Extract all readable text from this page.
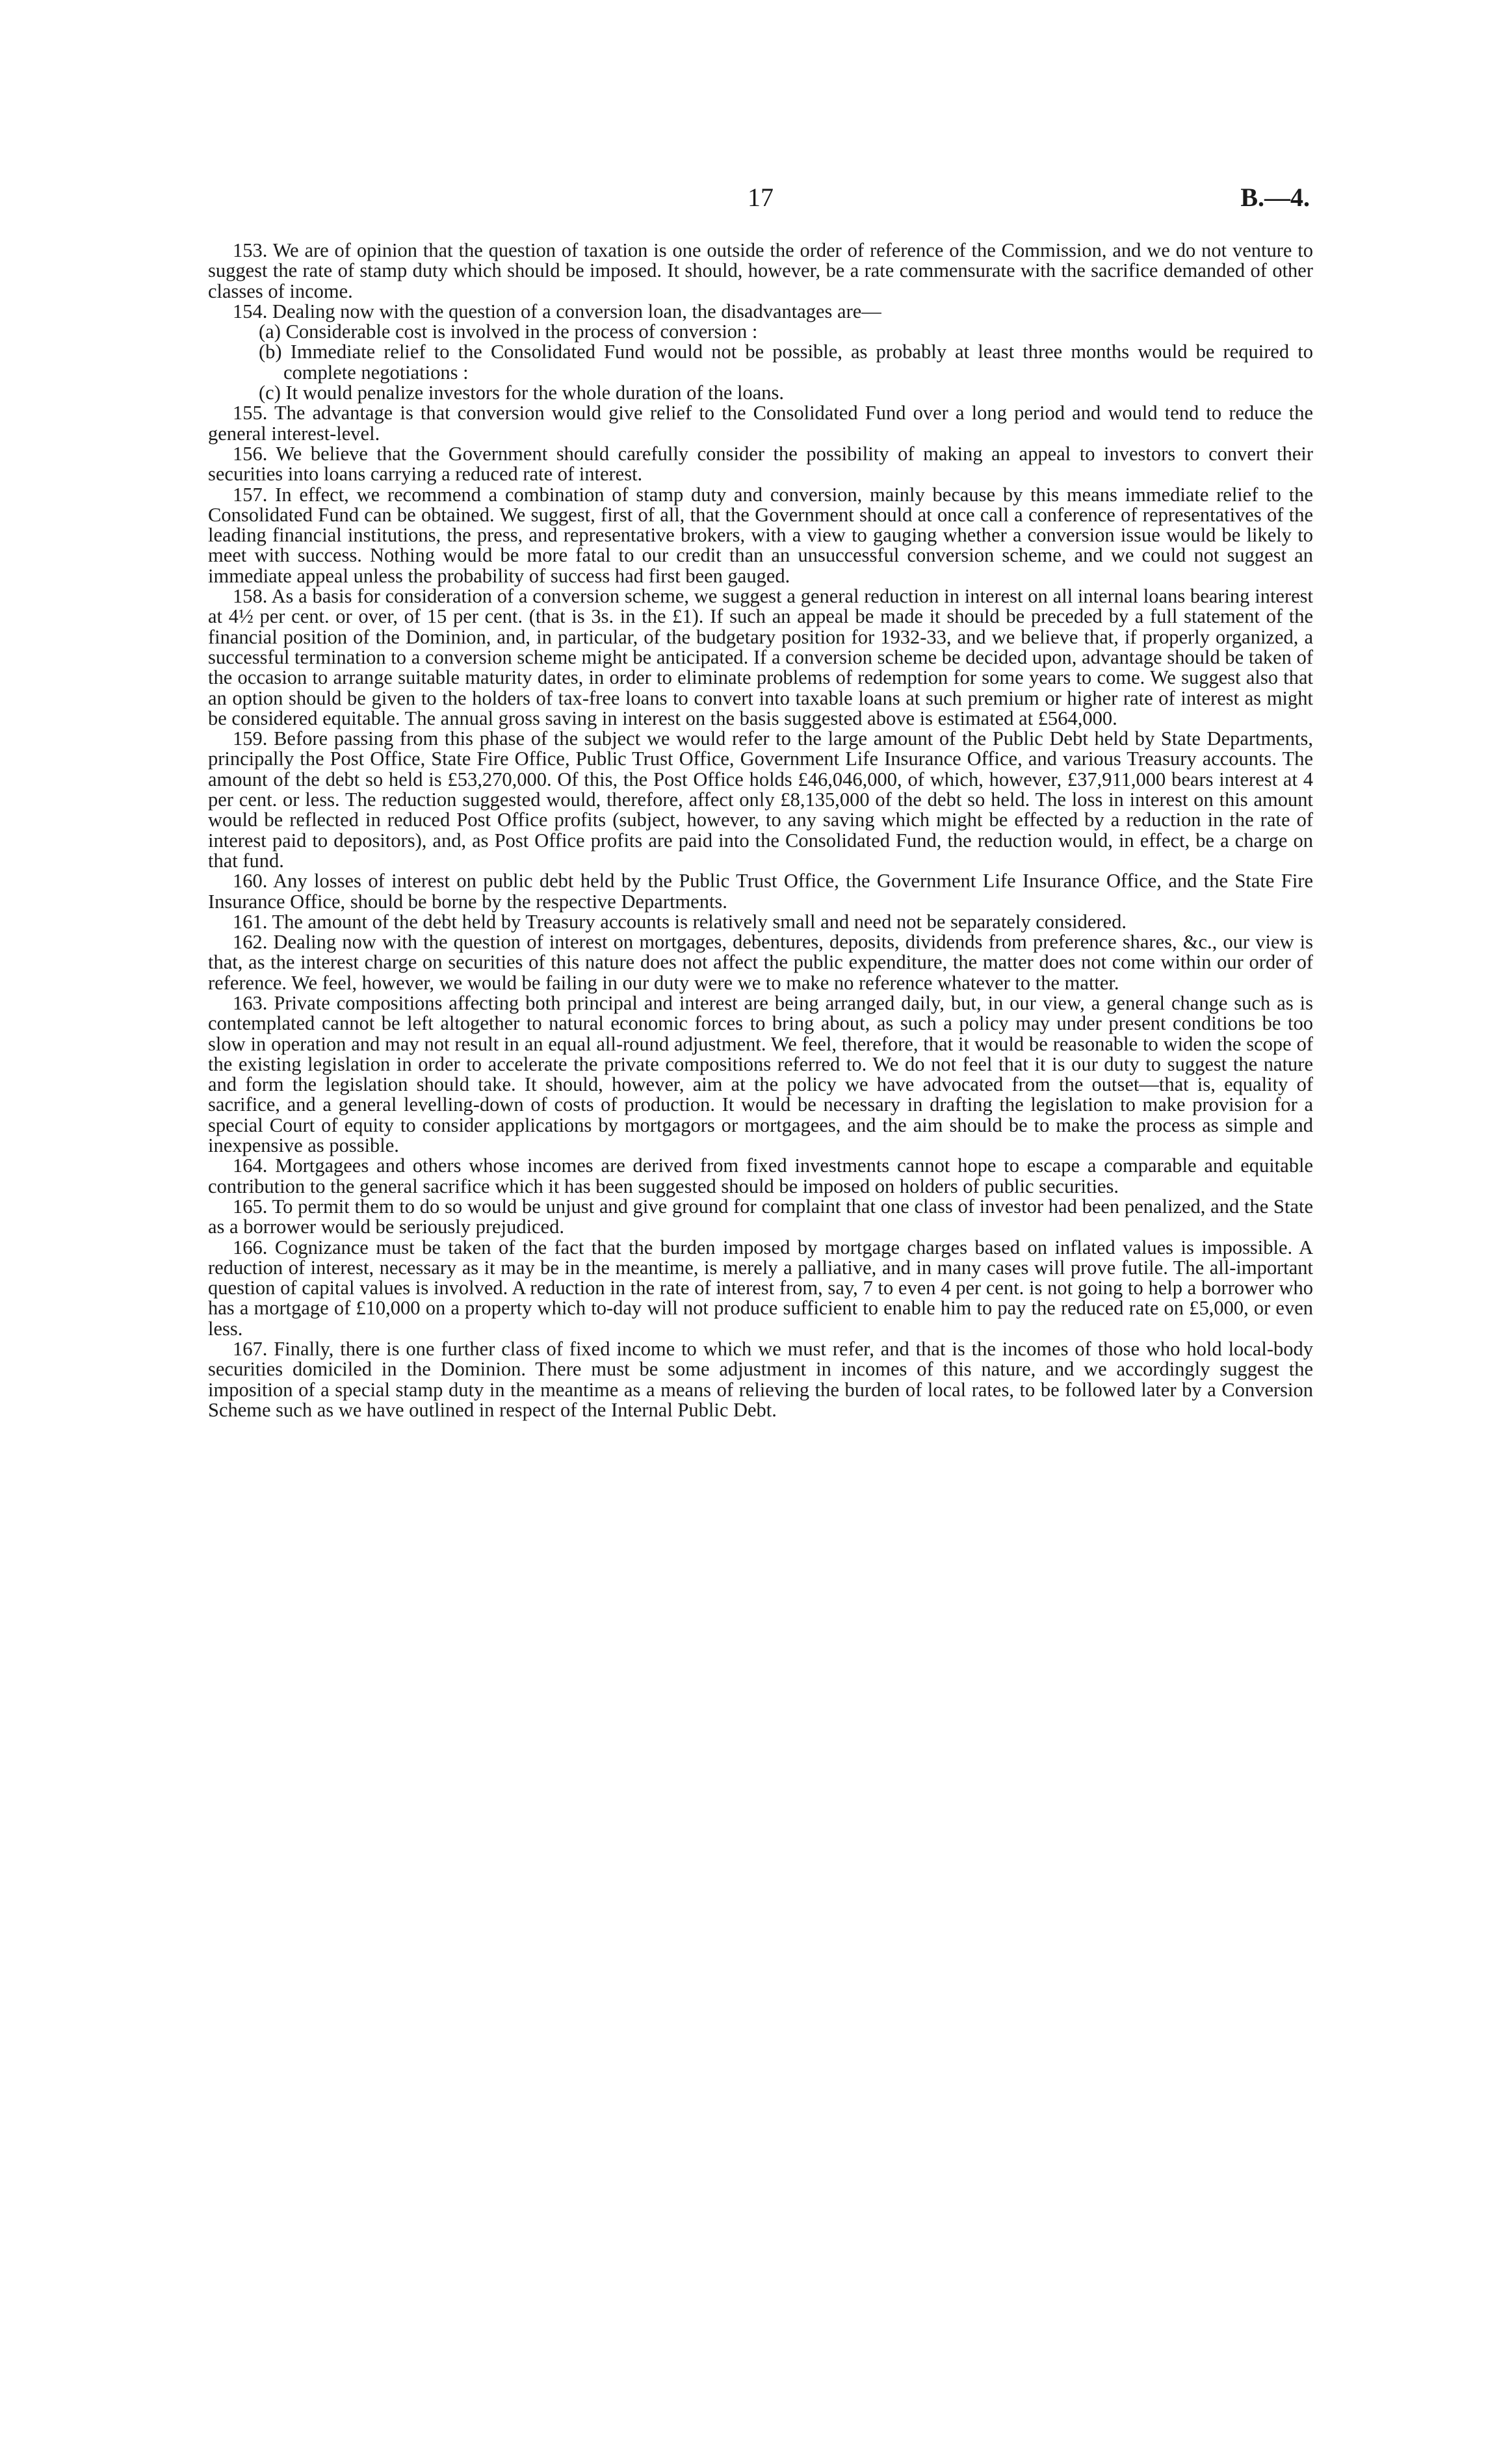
17	B.—4.

153. We are of opinion that the question of taxation is one outside the order of reference of the Commission, and we do not venture to suggest the rate of stamp duty which should be imposed. It should, however, be a rate commensurate with the sacrifice demanded of other classes of income.

154. Dealing now with the question of a conversion loan, the disadvantages are—

(a) Considerable cost is involved in the process of conversion :

(b) Immediate relief to the Consolidated Fund would not be possible, as probably at least three months would be required to complete negotiations :

(c) It would penalize investors for the whole duration of the loans.

155. The advantage is that conversion would give relief to the Consolidated Fund over a long period and would tend to reduce the general interest-level.

156. We believe that the Government should carefully consider the possibility of making an appeal to investors to convert their securities into loans carrying a reduced rate of interest.

157. In effect, we recommend a combination of stamp duty and conversion, mainly because by this means immediate relief to the Consolidated Fund can be obtained. We suggest, first of all, that the Government should at once call a conference of representatives of the leading financial institutions, the press, and representative brokers, with a view to gauging whether a conversion issue would be likely to meet with success. Nothing would be more fatal to our credit than an unsuccessful conversion scheme, and we could not suggest an immediate appeal unless the probability of success had first been gauged.

158. As a basis for consideration of a conversion scheme, we suggest a general reduction in interest on all internal loans bearing interest at 4½ per cent. or over, of 15 per cent. (that is 3s. in the £1). If such an appeal be made it should be preceded by a full statement of the financial position of the Dominion, and, in particular, of the budgetary position for 1932-33, and we believe that, if properly organized, a successful termination to a conversion scheme might be anticipated. If a conversion scheme be decided upon, advantage should be taken of the occasion to arrange suitable maturity dates, in order to eliminate problems of redemption for some years to come. We suggest also that an option should be given to the holders of tax-free loans to convert into taxable loans at such premium or higher rate of interest as might be considered equitable. The annual gross saving in interest on the basis suggested above is estimated at £564,000.

159. Before passing from this phase of the subject we would refer to the large amount of the Public Debt held by State Departments, principally the Post Office, State Fire Office, Public Trust Office, Government Life Insurance Office, and various Treasury accounts. The amount of the debt so held is £53,270,000. Of this, the Post Office holds £46,046,000, of which, however, £37,911,000 bears interest at 4 per cent. or less. The reduction suggested would, therefore, affect only £8,135,000 of the debt so held. The loss in interest on this amount would be reflected in reduced Post Office profits (subject, however, to any saving which might be effected by a reduction in the rate of interest paid to depositors), and, as Post Office profits are paid into the Consolidated Fund, the reduction would, in effect, be a charge on that fund.

160. Any losses of interest on public debt held by the Public Trust Office, the Government Life Insurance Office, and the State Fire Insurance Office, should be borne by the respective Departments.

161. The amount of the debt held by Treasury accounts is relatively small and need not be separately considered.

162. Dealing now with the question of interest on mortgages, debentures, deposits, dividends from preference shares, &c., our view is that, as the interest charge on securities of this nature does not affect the public expenditure, the matter does not come within our order of reference. We feel, however, we would be failing in our duty were we to make no reference whatever to the matter.

163. Private compositions affecting both principal and interest are being arranged daily, but, in our view, a general change such as is contemplated cannot be left altogether to natural economic forces to bring about, as such a policy may under present conditions be too slow in operation and may not result in an equal all-round adjustment. We feel, therefore, that it would be reasonable to widen the scope of the existing legislation in order to accelerate the private compositions referred to. We do not feel that it is our duty to suggest the nature and form the legislation should take. It should, however, aim at the policy we have advocated from the outset—that is, equality of sacrifice, and a general levelling-down of costs of production. It would be necessary in drafting the legislation to make provision for a special Court of equity to consider applications by mortgagors or mortgagees, and the aim should be to make the process as simple and inexpensive as possible.

164. Mortgagees and others whose incomes are derived from fixed investments cannot hope to escape a comparable and equitable contribution to the general sacrifice which it has been suggested should be imposed on holders of public securities.

165. To permit them to do so would be unjust and give ground for complaint that one class of investor had been penalized, and the State as a borrower would be seriously prejudiced.

166. Cognizance must be taken of the fact that the burden imposed by mortgage charges based on inflated values is impossible. A reduction of interest, necessary as it may be in the meantime, is merely a palliative, and in many cases will prove futile. The all-important question of capital values is involved. A reduction in the rate of interest from, say, 7 to even 4 per cent. is not going to help a borrower who has a mortgage of £10,000 on a property which to-day will not produce sufficient to enable him to pay the reduced rate on £5,000, or even less.

167. Finally, there is one further class of fixed income to which we must refer, and that is the incomes of those who hold local-body securities domiciled in the Dominion. There must be some adjustment in incomes of this nature, and we accordingly suggest the imposition of a special stamp duty in the meantime as a means of relieving the burden of local rates, to be followed later by a Conversion Scheme such as we have outlined in respect of the Internal Public Debt.
